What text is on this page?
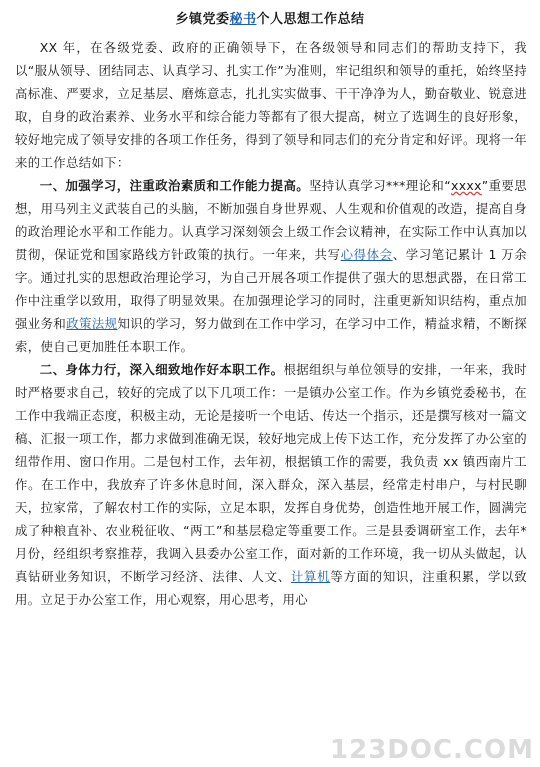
乡镇党委秘书个人思想工作总结

XX 年，在各级党委、政府的正确领导下，在各级领导和同志们的帮助支持下，我以“服从领导、团结同志、认真学习、扎实工作”为准则，牢记组织和领导的重托，始终坚持高标准、严要求，立足基层、磨炼意志，扎扎实实做事、干干净净为人，勤奋敬业、锐意进取，自身的政治素养、业务水平和综合能力等都有了很大提高，树立了选调生的良好形象，较好地完成了领导安排的各项工作任务，得到了领导和同志们的充分肯定和好评。现将一年来的工作总结如下：

一、加强学习，注重政治素质和工作能力提高。坚持认真学习***理论和“xxxx”重要思想，用马列主义武装自己的头脑，不断加强自身世界观、人生观和价值观的改造，提高自身的政治理论水平和工作能力。认真学习深刻领会上级工作会议精神，在实际工作中认真加以贯彻，保证党和国家路线方针政策的执行。一年来，共写心得体会、学习笔记累计 1 万余字。通过扎实的思想政治理论学习，为自己开展各项工作提供了强大的思想武器，在日常工作中注重学以致用，取得了明显效果。在加强理论学习的同时，注重更新知识结构，重点加强业务和政策法规知识的学习，努力做到在工作中学习，在学习中工作，精益求精，不断探索，使自己更加胜任本职工作。

二、身体力行，深入细致地作好本职工作。根据组织与单位领导的安排，一年来，我时时严格要求自己，较好的完成了以下几项工作：一是镇办公室工作。作为乡镇党委秘书，在工作中我端正态度，积极主动，无论是接听一个电话、传达一个指示，还是撰写核对一篇文稿、汇报一项工作，都力求做到准确无误，较好地完成上传下达工作，充分发挥了办公室的纽带作用、窗口作用。二是包村工作，去年初，根据镇工作的需要，我负责 xx 镇西南片工作。在工作中，我放弃了许多休息时间，深入群众，深入基层，经常走村串户，与村民聊天，拉家常，了解农村工作的实际，立足本职，发挥自身优势，创造性地开展工作，圆满完成了种粮直补、农业税征收、“两工”和基层稳定等重要工作。三是县委调研室工作，去年*月份，经组织考察推荐，我调入县委办公室工作，面对新的工作环境，我一切从头做起，认真钻研业务知识，不断学习经济、法律、人文、计算机等方面的知识，注重积累，学以致用。立足于办公室工作，用心观察，用心思考，用心

123DOC.COM
